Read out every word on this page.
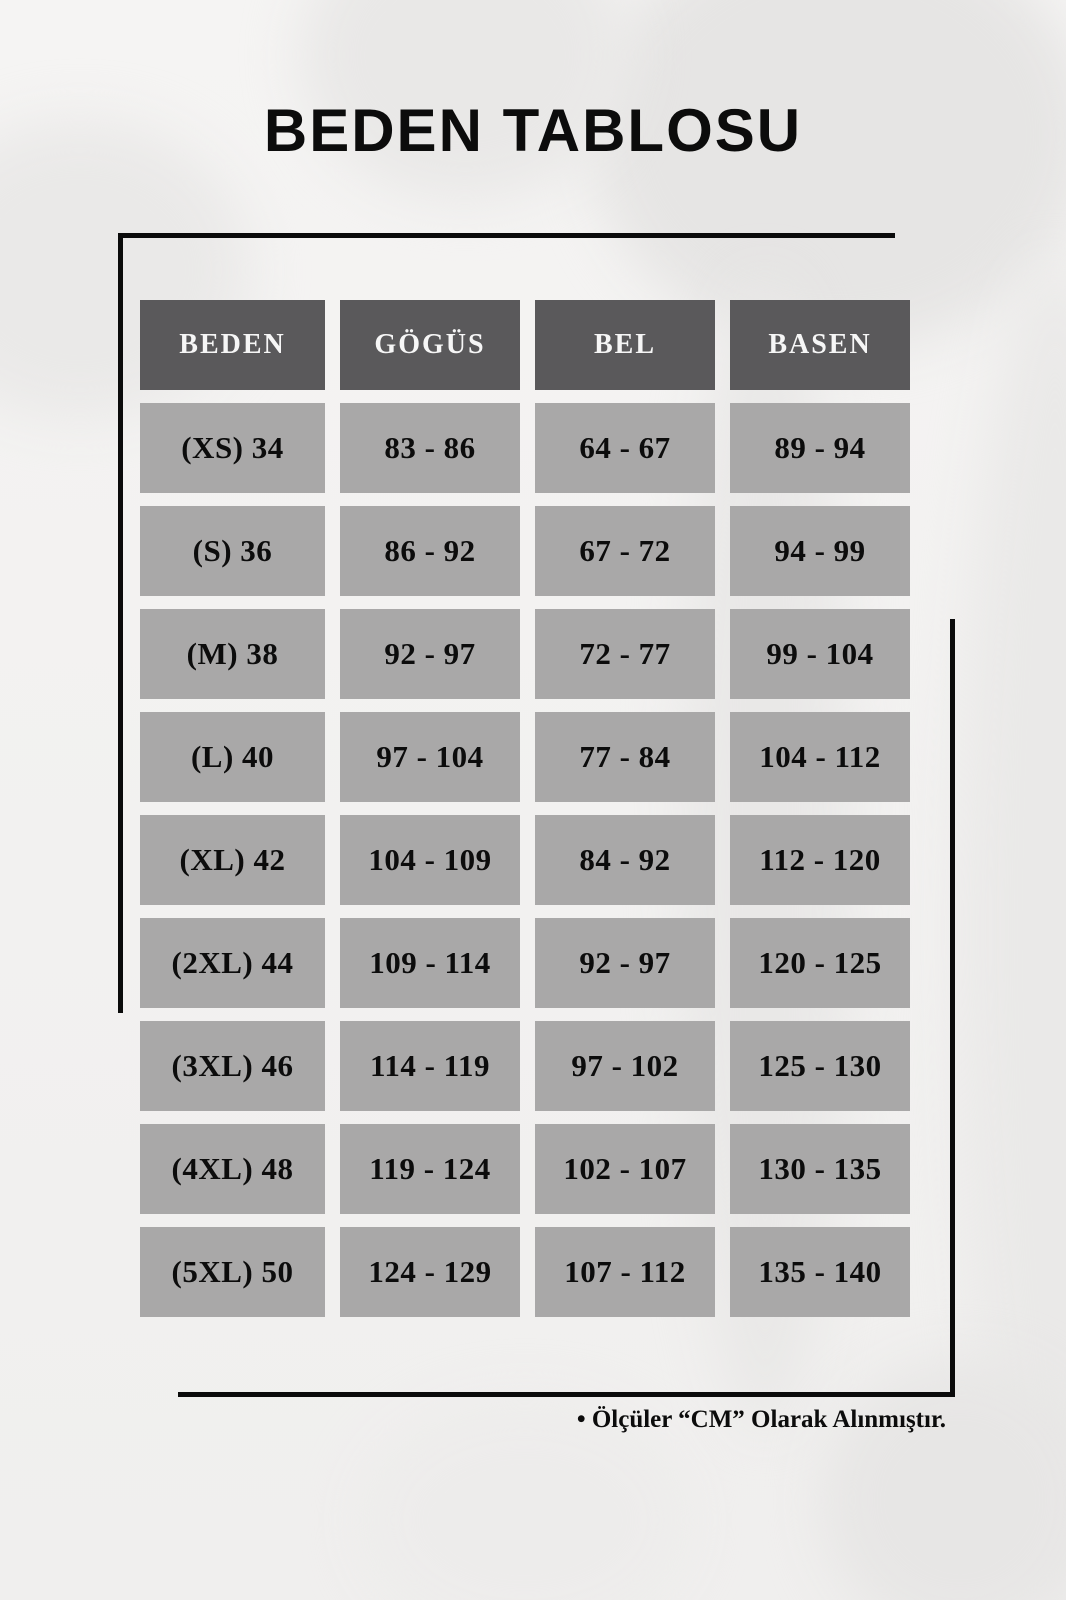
BEDEN TABLOSU
BEDEN	GÖGÜS	BEL	BASEN
(XS) 34	83 - 86	64 - 67	89 - 94
(S) 36	86 - 92	67 - 72	94 - 99
(M) 38	92 - 97	72 - 77	99 - 104
(L) 40	97 - 104	77 - 84	104 - 112
(XL) 42	104 - 109	84 - 92	112 - 120
(2XL) 44	109 - 114	92 - 97	120 - 125
(3XL) 46	114 - 119	97 - 102	125 - 130
(4XL) 48	119 - 124	102 - 107	130 - 135
(5XL) 50	124 - 129	107 - 112	135 - 140
• Ölçüler “CM” Olarak Alınmıştır.
